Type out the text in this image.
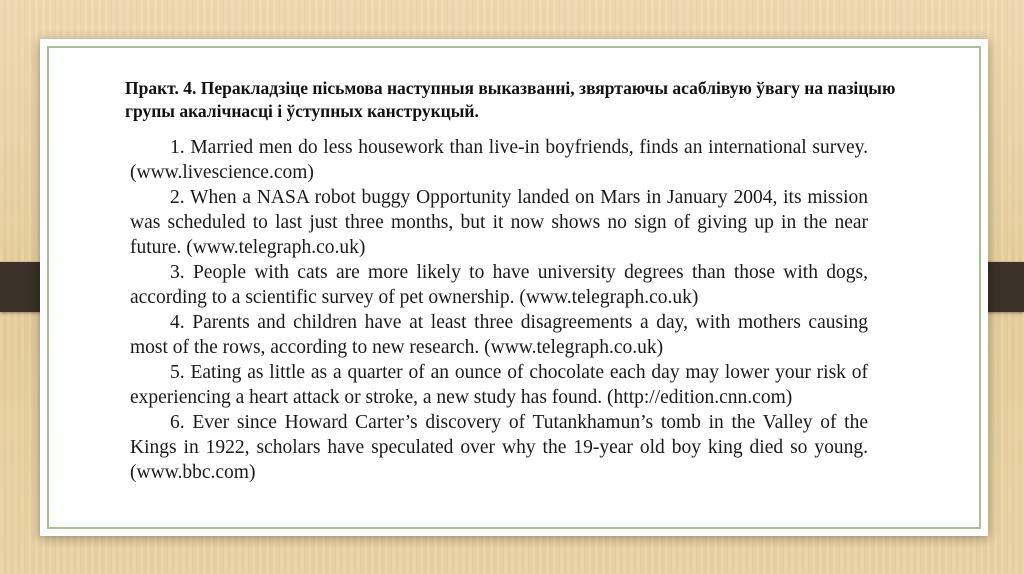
Практ. 4. Перакладзіце пісьмова наступныя выказванні, звяртаючы асаблівую ўвагу на пазіцыю групы акалічнасці і ўступных канструкцый.

1. Married men do less housework than live-in boyfriends, finds an international survey. (www.livescience.com)

2. When a NASA robot buggy Opportunity landed on Mars in January 2004, its mission was scheduled to last just three months, but it now shows no sign of giving up in the near future. (www.telegraph.co.uk)

3. People with cats are more likely to have university degrees than those with dogs, according to a scientific survey of pet ownership. (www.telegraph.co.uk)

4. Parents and children have at least three disagreements a day, with mothers causing most of the rows, according to new research. (www.telegraph.co.uk)

5. Eating as little as a quarter of an ounce of chocolate each day may lower your risk of experiencing a heart attack or stroke, a new study has found. (http://edition.cnn.com)

6. Ever since Howard Carter’s discovery of Tutankhamun’s tomb in the Valley of the Kings in 1922, scholars have speculated over why the 19-year old boy king died so young. (www.bbc.com)
